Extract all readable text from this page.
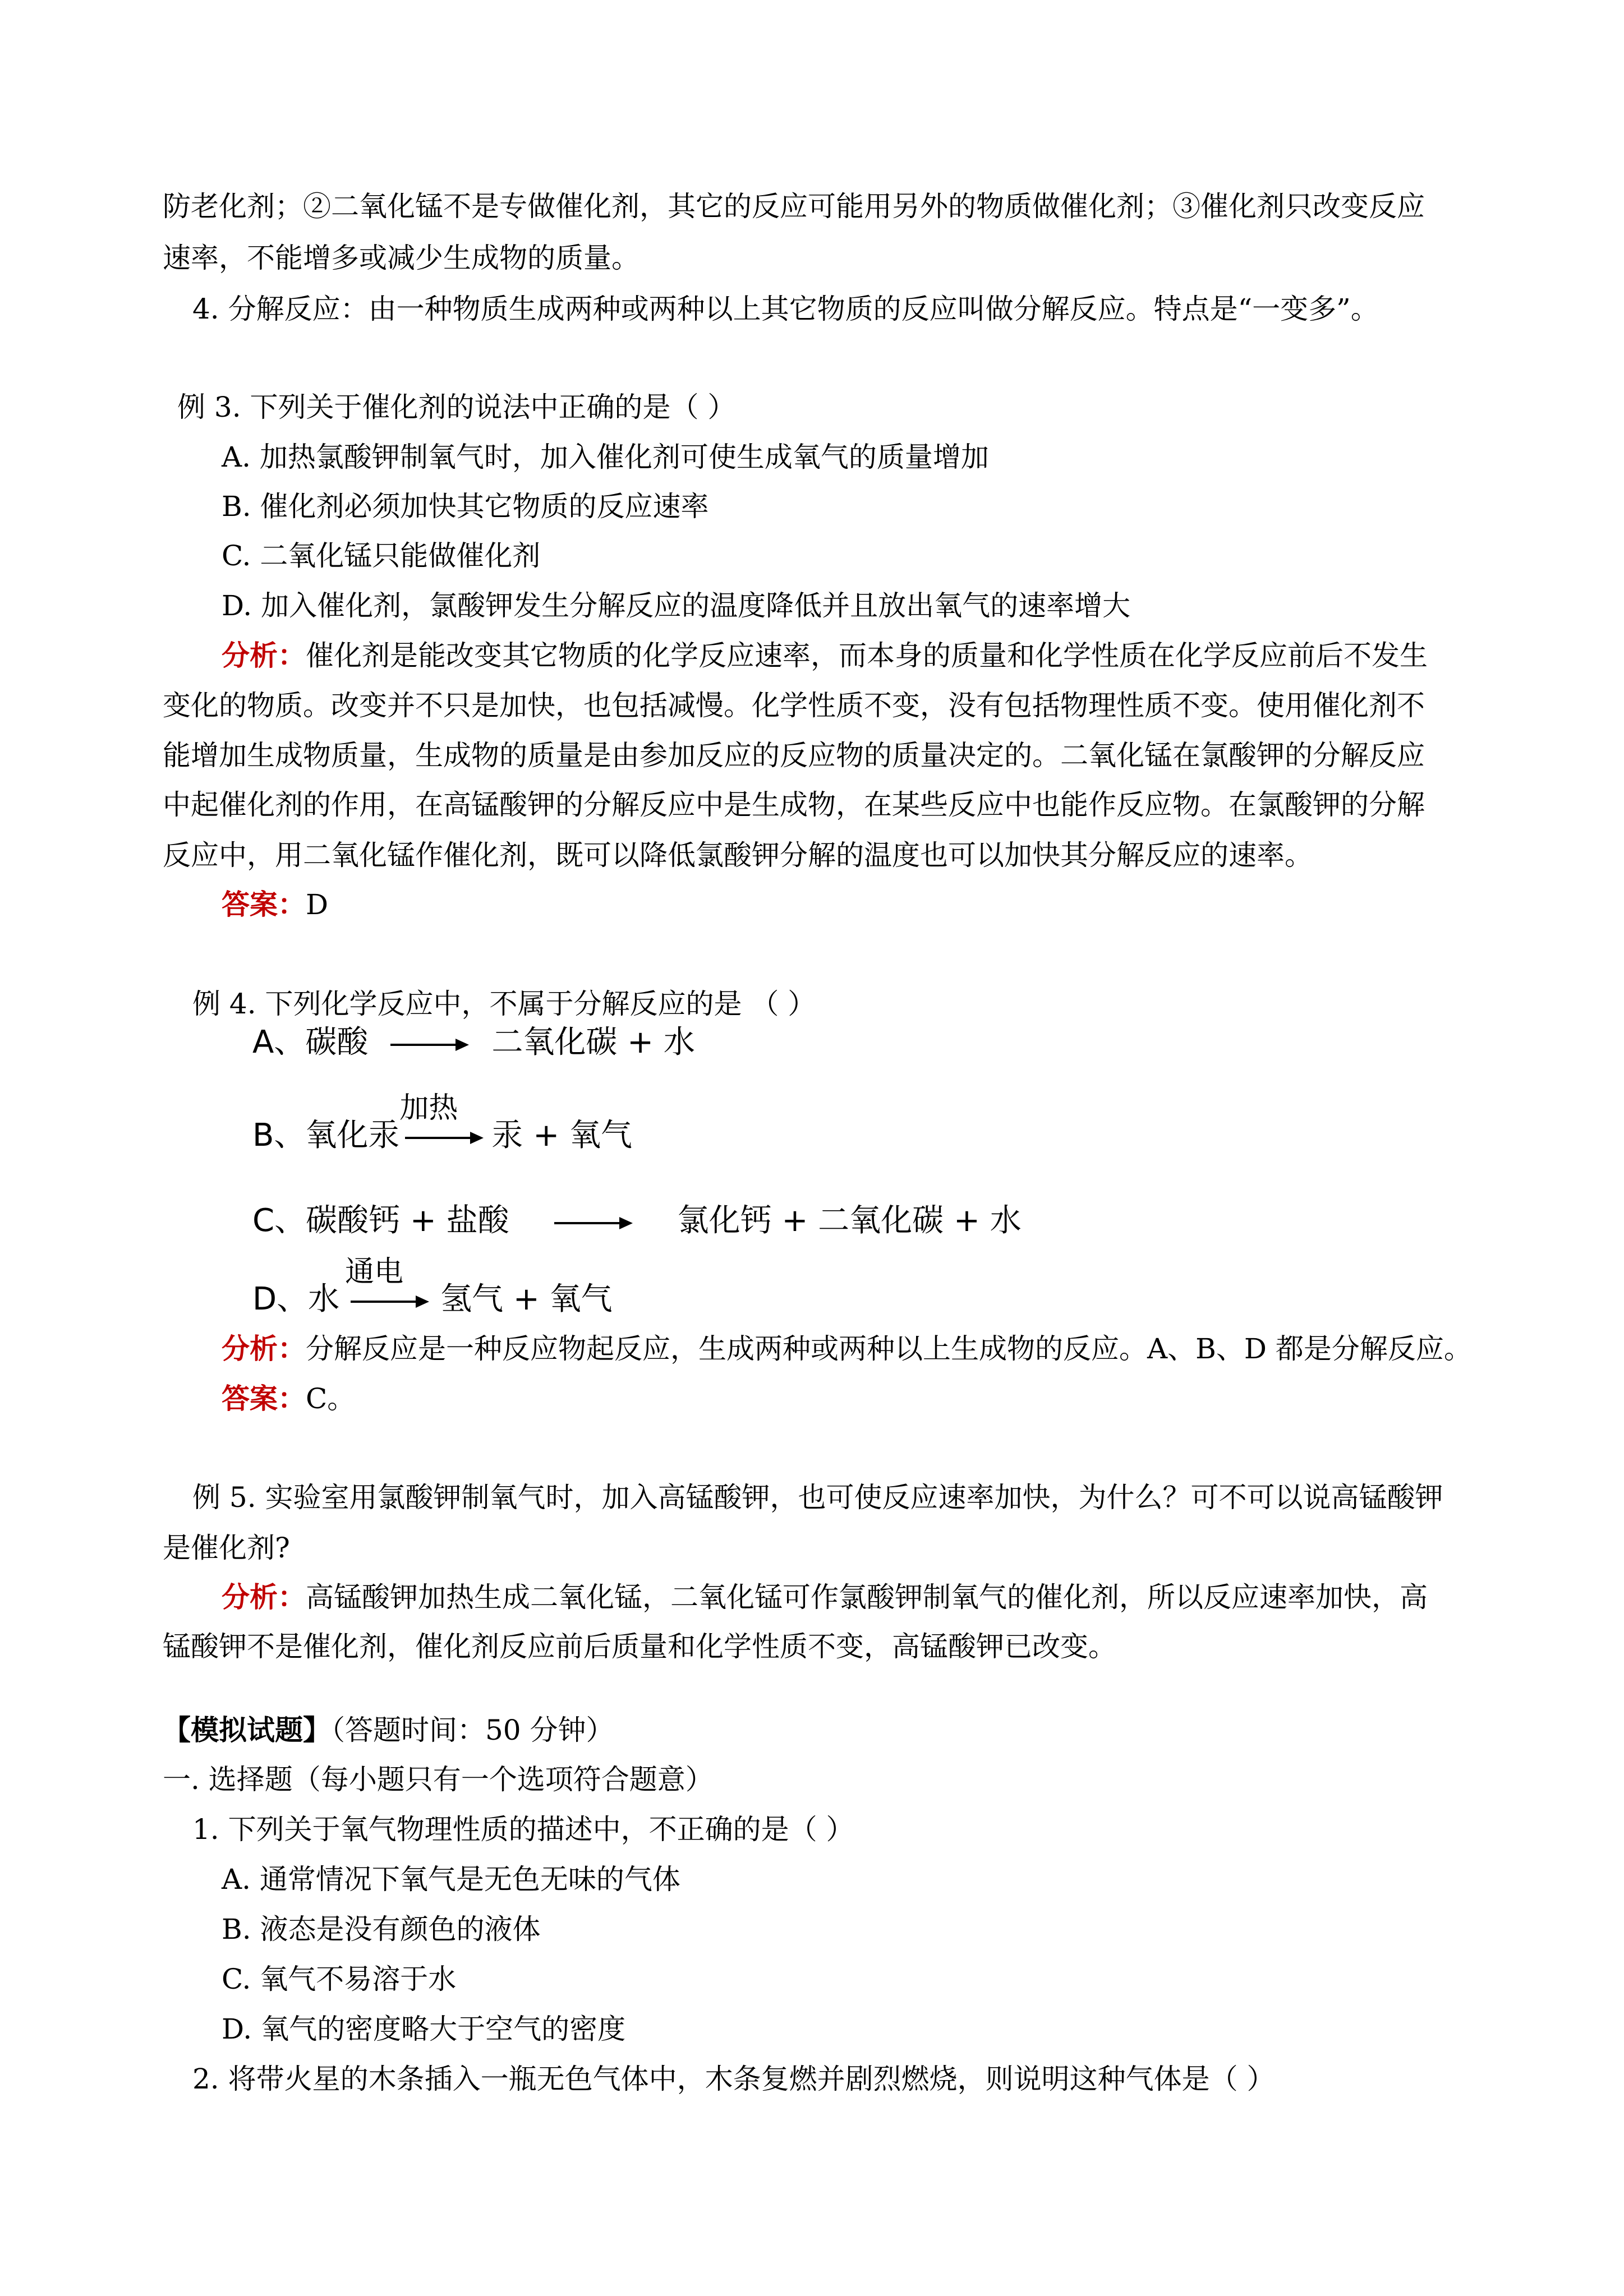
防老化剂；②二氧化锰不是专做催化剂，其它的反应可能用另外的物质做催化剂；③催化剂只改变反应
速率，不能增多或减少生成物的质量。
4. 分解反应：由一种物质生成两种或两种以上其它物质的反应叫做分解反应。特点是“一变多”。
例 3. 下列关于催化剂的说法中正确的是（ ）
A. 加热氯酸钾制氧气时，加入催化剂可使生成氧气的质量增加
B. 催化剂必须加快其它物质的反应速率
C. 二氧化锰只能做催化剂
D. 加入催化剂，氯酸钾发生分解反应的温度降低并且放出氧气的速率增大
分析：催化剂是能改变其它物质的化学反应速率，而本身的质量和化学性质在化学反应前后不发生
变化的物质。改变并不只是加快，也包括减慢。化学性质不变，没有包括物理性质不变。使用催化剂不
能增加生成物质量，生成物的质量是由参加反应的反应物的质量决定的。二氧化锰在氯酸钾的分解反应
中起催化剂的作用，在高锰酸钾的分解反应中是生成物，在某些反应中也能作反应物。在氯酸钾的分解
反应中，用二氧化锰作催化剂，既可以降低氯酸钾分解的温度也可以加快其分解反应的速率。
答案：D
例 4. 下列化学反应中，不属于分解反应的是 （ ）
A、碳酸	二氧化碳 + 水
B、氧化汞
加热
汞 + 氧气
C、碳酸钙 + 盐酸	氯化钙 + 二氧化碳 + 水
D、水
通电
氢气 + 氧气
分析：分解反应是一种反应物起反应，生成两种或两种以上生成物的反应。A、B、D 都是分解反应。
答案：C。
例 5. 实验室用氯酸钾制氧气时，加入高锰酸钾，也可使反应速率加快，为什么？可不可以说高锰酸钾
是催化剂?
分析：高锰酸钾加热生成二氧化锰，二氧化锰可作氯酸钾制氧气的催化剂，所以反应速率加快，高
锰酸钾不是催化剂，催化剂反应前后质量和化学性质不变，高锰酸钾已改变。
【模拟试题】（答题时间：50 分钟）
一. 选择题（每小题只有一个选项符合题意）
1. 下列关于氧气物理性质的描述中，不正确的是（ ）
A. 通常情况下氧气是无色无味的气体
B. 液态是没有颜色的液体
C. 氧气不易溶于水
D. 氧气的密度略大于空气的密度
2. 将带火星的木条插入一瓶无色气体中，木条复燃并剧烈燃烧，则说明这种气体是（ ）
